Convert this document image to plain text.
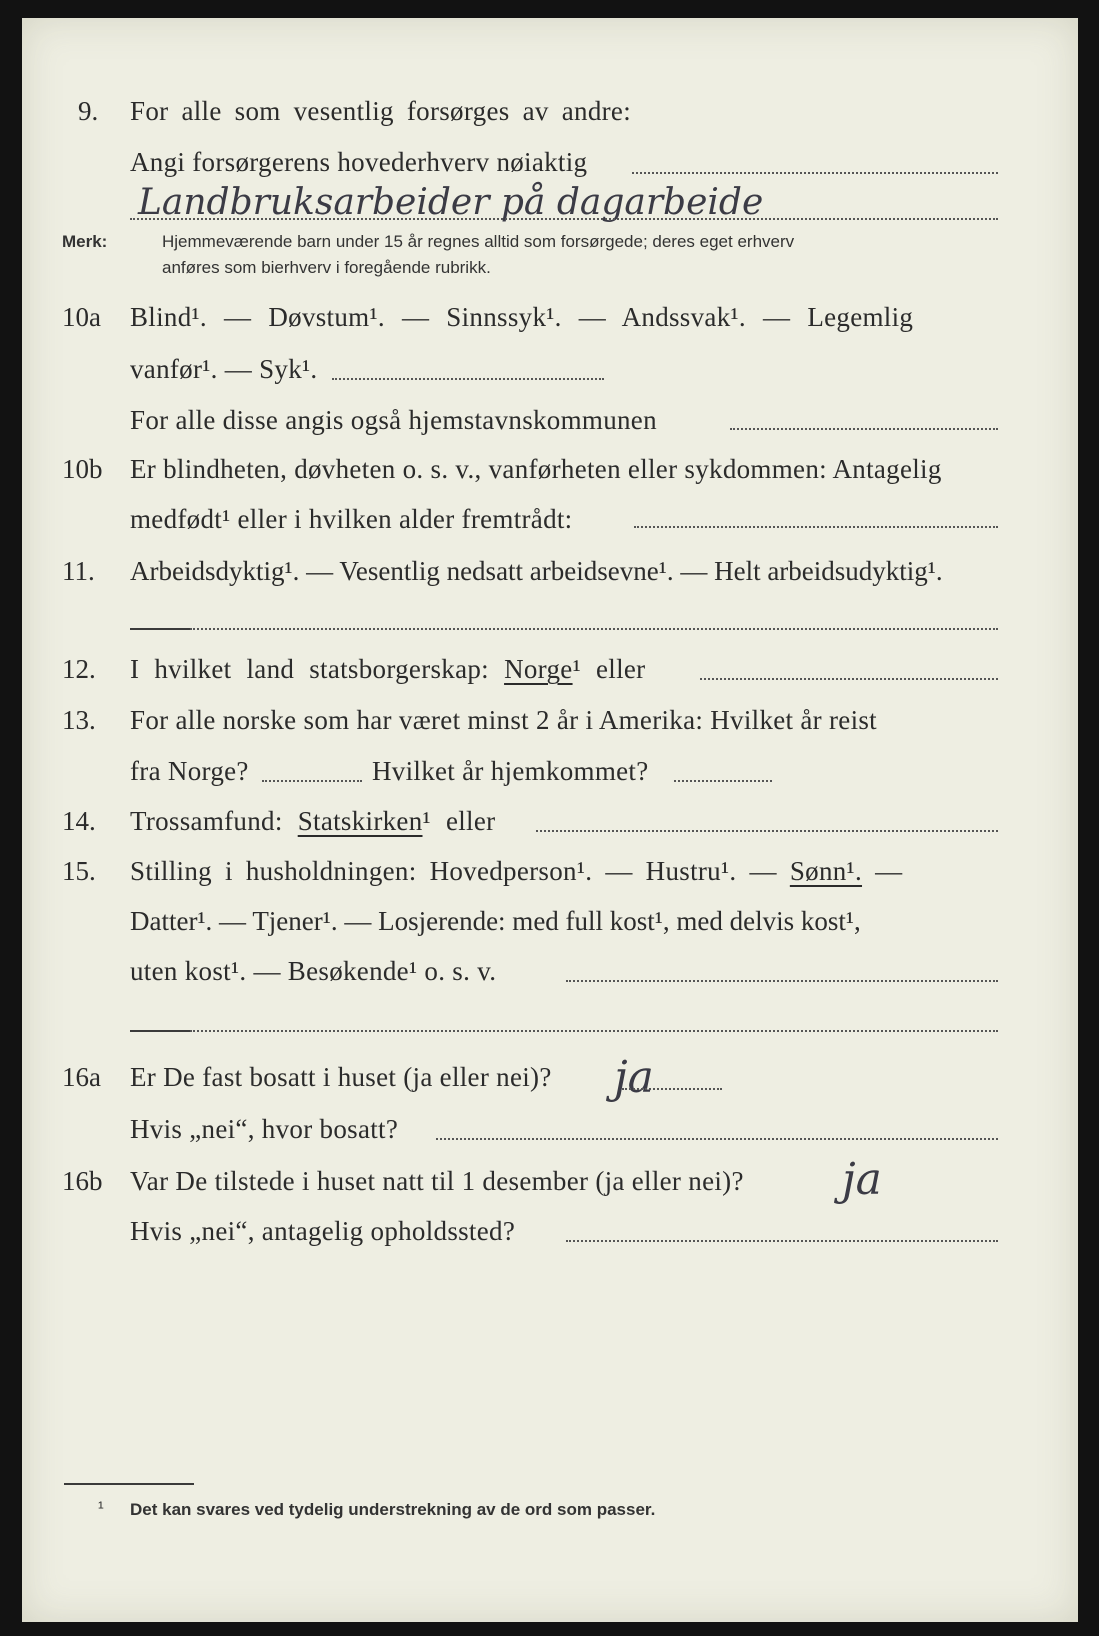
9. For alle som vesentlig forsørges av andre:
Angi forsørgerens hovederhverv nøiaktig
Landbruksarbeider på dagarbeide
Merk:	Hjemmeværende barn under 15 år regnes alltid som forsørgede; deres eget erhverv
anføres som bierhverv i foregående rubrikk.
10a Blind¹. — Døvstum¹. — Sinnssyk¹. — Andssvak¹. — Legemlig
vanfør¹. — Syk¹.
For alle disse angis også hjemstavnskommunen
10b Er blindheten, døvheten o. s. v., vanførheten eller sykdommen: Antagelig
medfødt¹ eller i hvilken alder fremtrådt:
11. Arbeidsdyktig¹. — Vesentlig nedsatt arbeidsevne¹. — Helt arbeidsudyktig¹.
12. I hvilket land statsborgerskap: Norge¹ eller
13. For alle norske som har været minst 2 år i Amerika: Hvilket år reist
fra Norge?	Hvilket år hjemkommet?
14. Trossamfund: Statskirken¹ eller
15. Stilling i husholdningen: Hovedperson¹. — Hustru¹. — Sønn¹. —
Datter¹. — Tjener¹. — Losjerende: med full kost¹, med delvis kost¹,
uten kost¹. — Besøkende¹ o. s. v.
16a Er De fast bosatt i huset (ja eller nei)? ja
Hvis „nei“, hvor bosatt?
16b Var De tilstede i huset natt til 1 desember (ja eller nei)? ja
Hvis „nei“, antagelig opholdssted?
¹ Det kan svares ved tydelig understrekning av de ord som passer.
